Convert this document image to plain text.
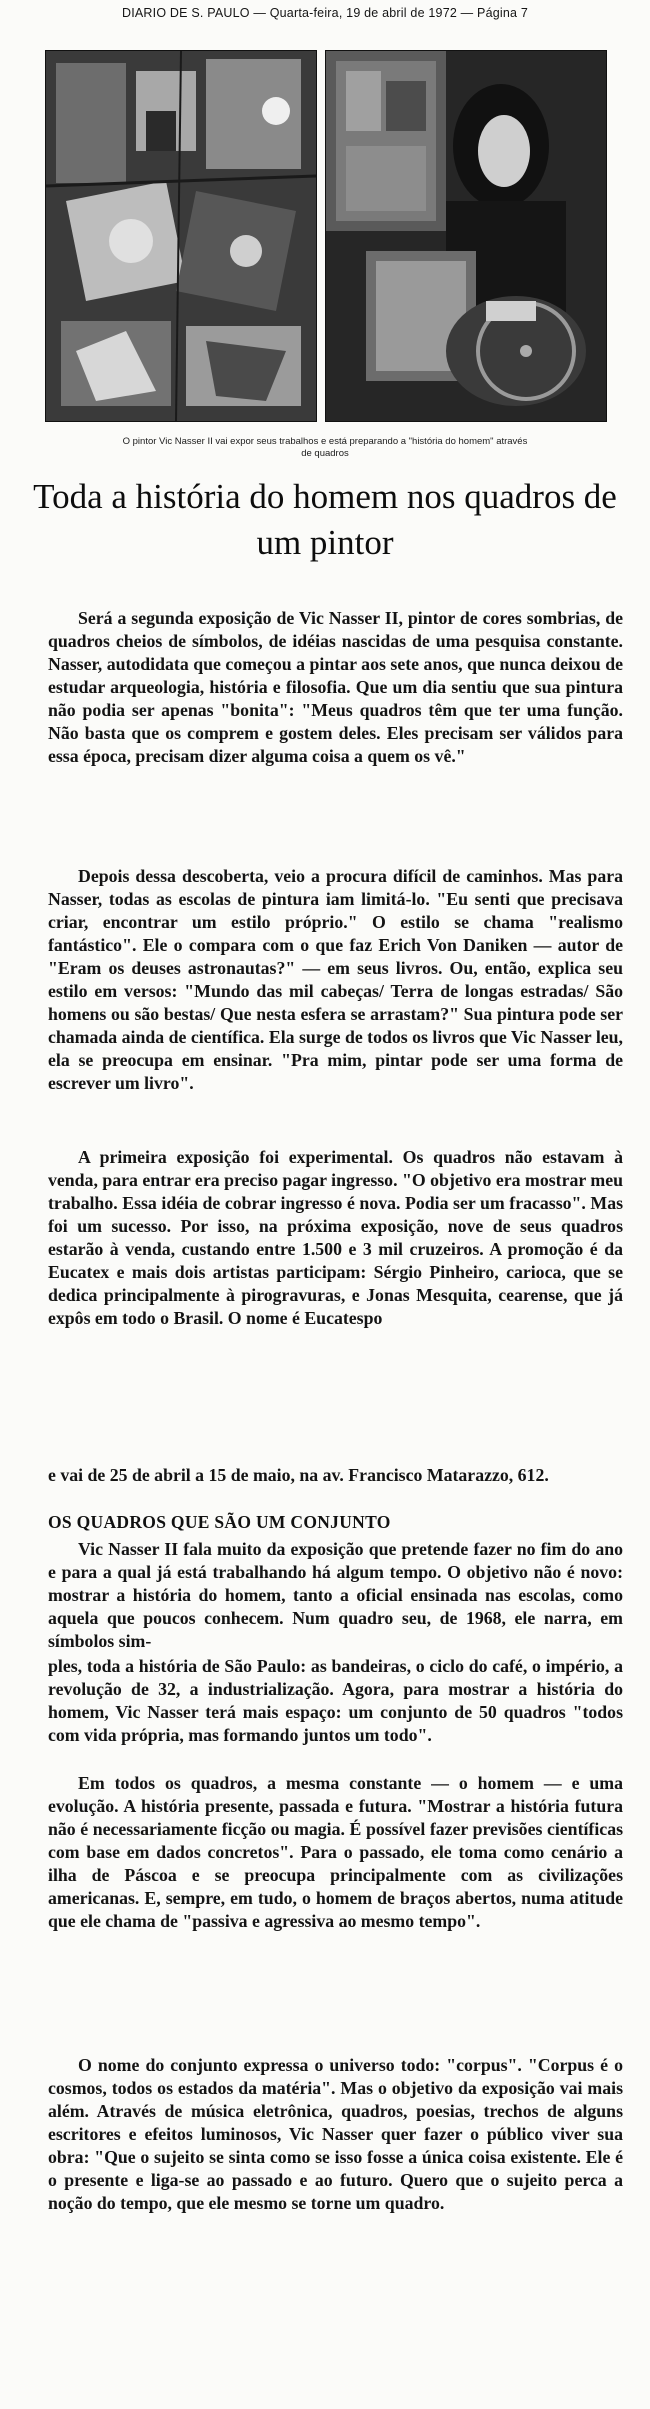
DIARIO DE S. PAULO — Quarta-feira, 19 de abril de 1972 — Página 7
O pintor Vic Nasser II vai expor seus trabalhos e está preparando a "história do homem" através de quadros
Toda a história do homem nos quadros de um pintor

Será a segunda exposição de Vic Nasser II, pintor de cores sombrias, de quadros cheios de símbolos, de idéias nascidas de uma pesquisa constante. Nasser, autodidata que começou a pintar aos sete anos, que nunca deixou de estudar arqueologia, história e filosofia. Que um dia sentiu que sua pintura não podia ser apenas "bonita": "Meus quadros têm que ter uma função. Não basta que os comprem e gostem deles. Eles precisam ser válidos para essa época, precisam dizer alguma coisa a quem os vê."

Depois dessa descoberta, veio a procura difícil de caminhos. Mas para Nasser, todas as escolas de pintura iam limitá-lo. "Eu senti que precisava criar, encontrar um estilo próprio." O estilo se chama "realismo fantástico". Ele o compara com o que faz Erich Von Daniken — autor de "Eram os deuses astronautas?" — em seus livros. Ou, então, explica seu estilo em versos: "Mundo das mil cabeças/ Terra de longas estradas/ São homens ou são bestas/ Que nesta esfera se arrastam?" Sua pintura pode ser chamada ainda de científica. Ela surge de todos os livros que Vic Nasser leu, ela se preocupa em ensinar. "Pra mim, pintar pode ser uma forma de escrever um livro".

A primeira exposição foi experimental. Os quadros não estavam à venda, para entrar era preciso pagar ingresso. "O objetivo era mostrar meu trabalho. Essa idéia de cobrar ingresso é nova. Podia ser um fracasso". Mas foi um sucesso. Por isso, na próxima exposição, nove de seus quadros estarão à venda, custando entre 1.500 e 3 mil cruzeiros. A promoção é da Eucatex e mais dois artistas participam: Sérgio Pinheiro, carioca, que se dedica principalmente à pirogravuras, e Jonas Mesquita, cearense, que já expôs em todo o Brasil. O nome é Eucatespo

e vai de 25 de abril a 15 de maio, na av. Francisco Matarazzo, 612.

OS QUADROS QUE SÃO UM CONJUNTO

Vic Nasser II fala muito da exposição que pretende fazer no fim do ano e para a qual já está trabalhando há algum tempo. O objetivo não é novo: mostrar a história do homem, tanto a oficial ensinada nas escolas, como aquela que poucos conhecem. Num quadro seu, de 1968, ele narra, em símbolos sim-

ples, toda a história de São Paulo: as bandeiras, o ciclo do café, o império, a revolução de 32, a industrialização. Agora, para mostrar a história do homem, Vic Nasser terá mais espaço: um conjunto de 50 quadros "todos com vida própria, mas formando juntos um todo".

Em todos os quadros, a mesma constante — o homem — e uma evolução. A história presente, passada e futura. "Mostrar a história futura não é necessariamente ficção ou magia. É possível fazer previsões científicas com base em dados concretos". Para o passado, ele toma como cenário a ilha de Páscoa e se preocupa principalmente com as civilizações americanas. E, sempre, em tudo, o homem de braços abertos, numa atitude que ele chama de "passiva e agressiva ao mesmo tempo".

O nome do conjunto expressa o universo todo: "corpus". "Corpus é o cosmos, todos os estados da matéria". Mas o objetivo da exposição vai mais além. Através de música eletrônica, quadros, poesias, trechos de alguns escritores e efeitos luminosos, Vic Nasser quer fazer o público viver sua obra: "Que o sujeito se sinta como se isso fosse a única coisa existente. Ele é o presente e liga-se ao passado e ao futuro. Quero que o sujeito perca a noção do tempo, que ele mesmo se torne um quadro.
